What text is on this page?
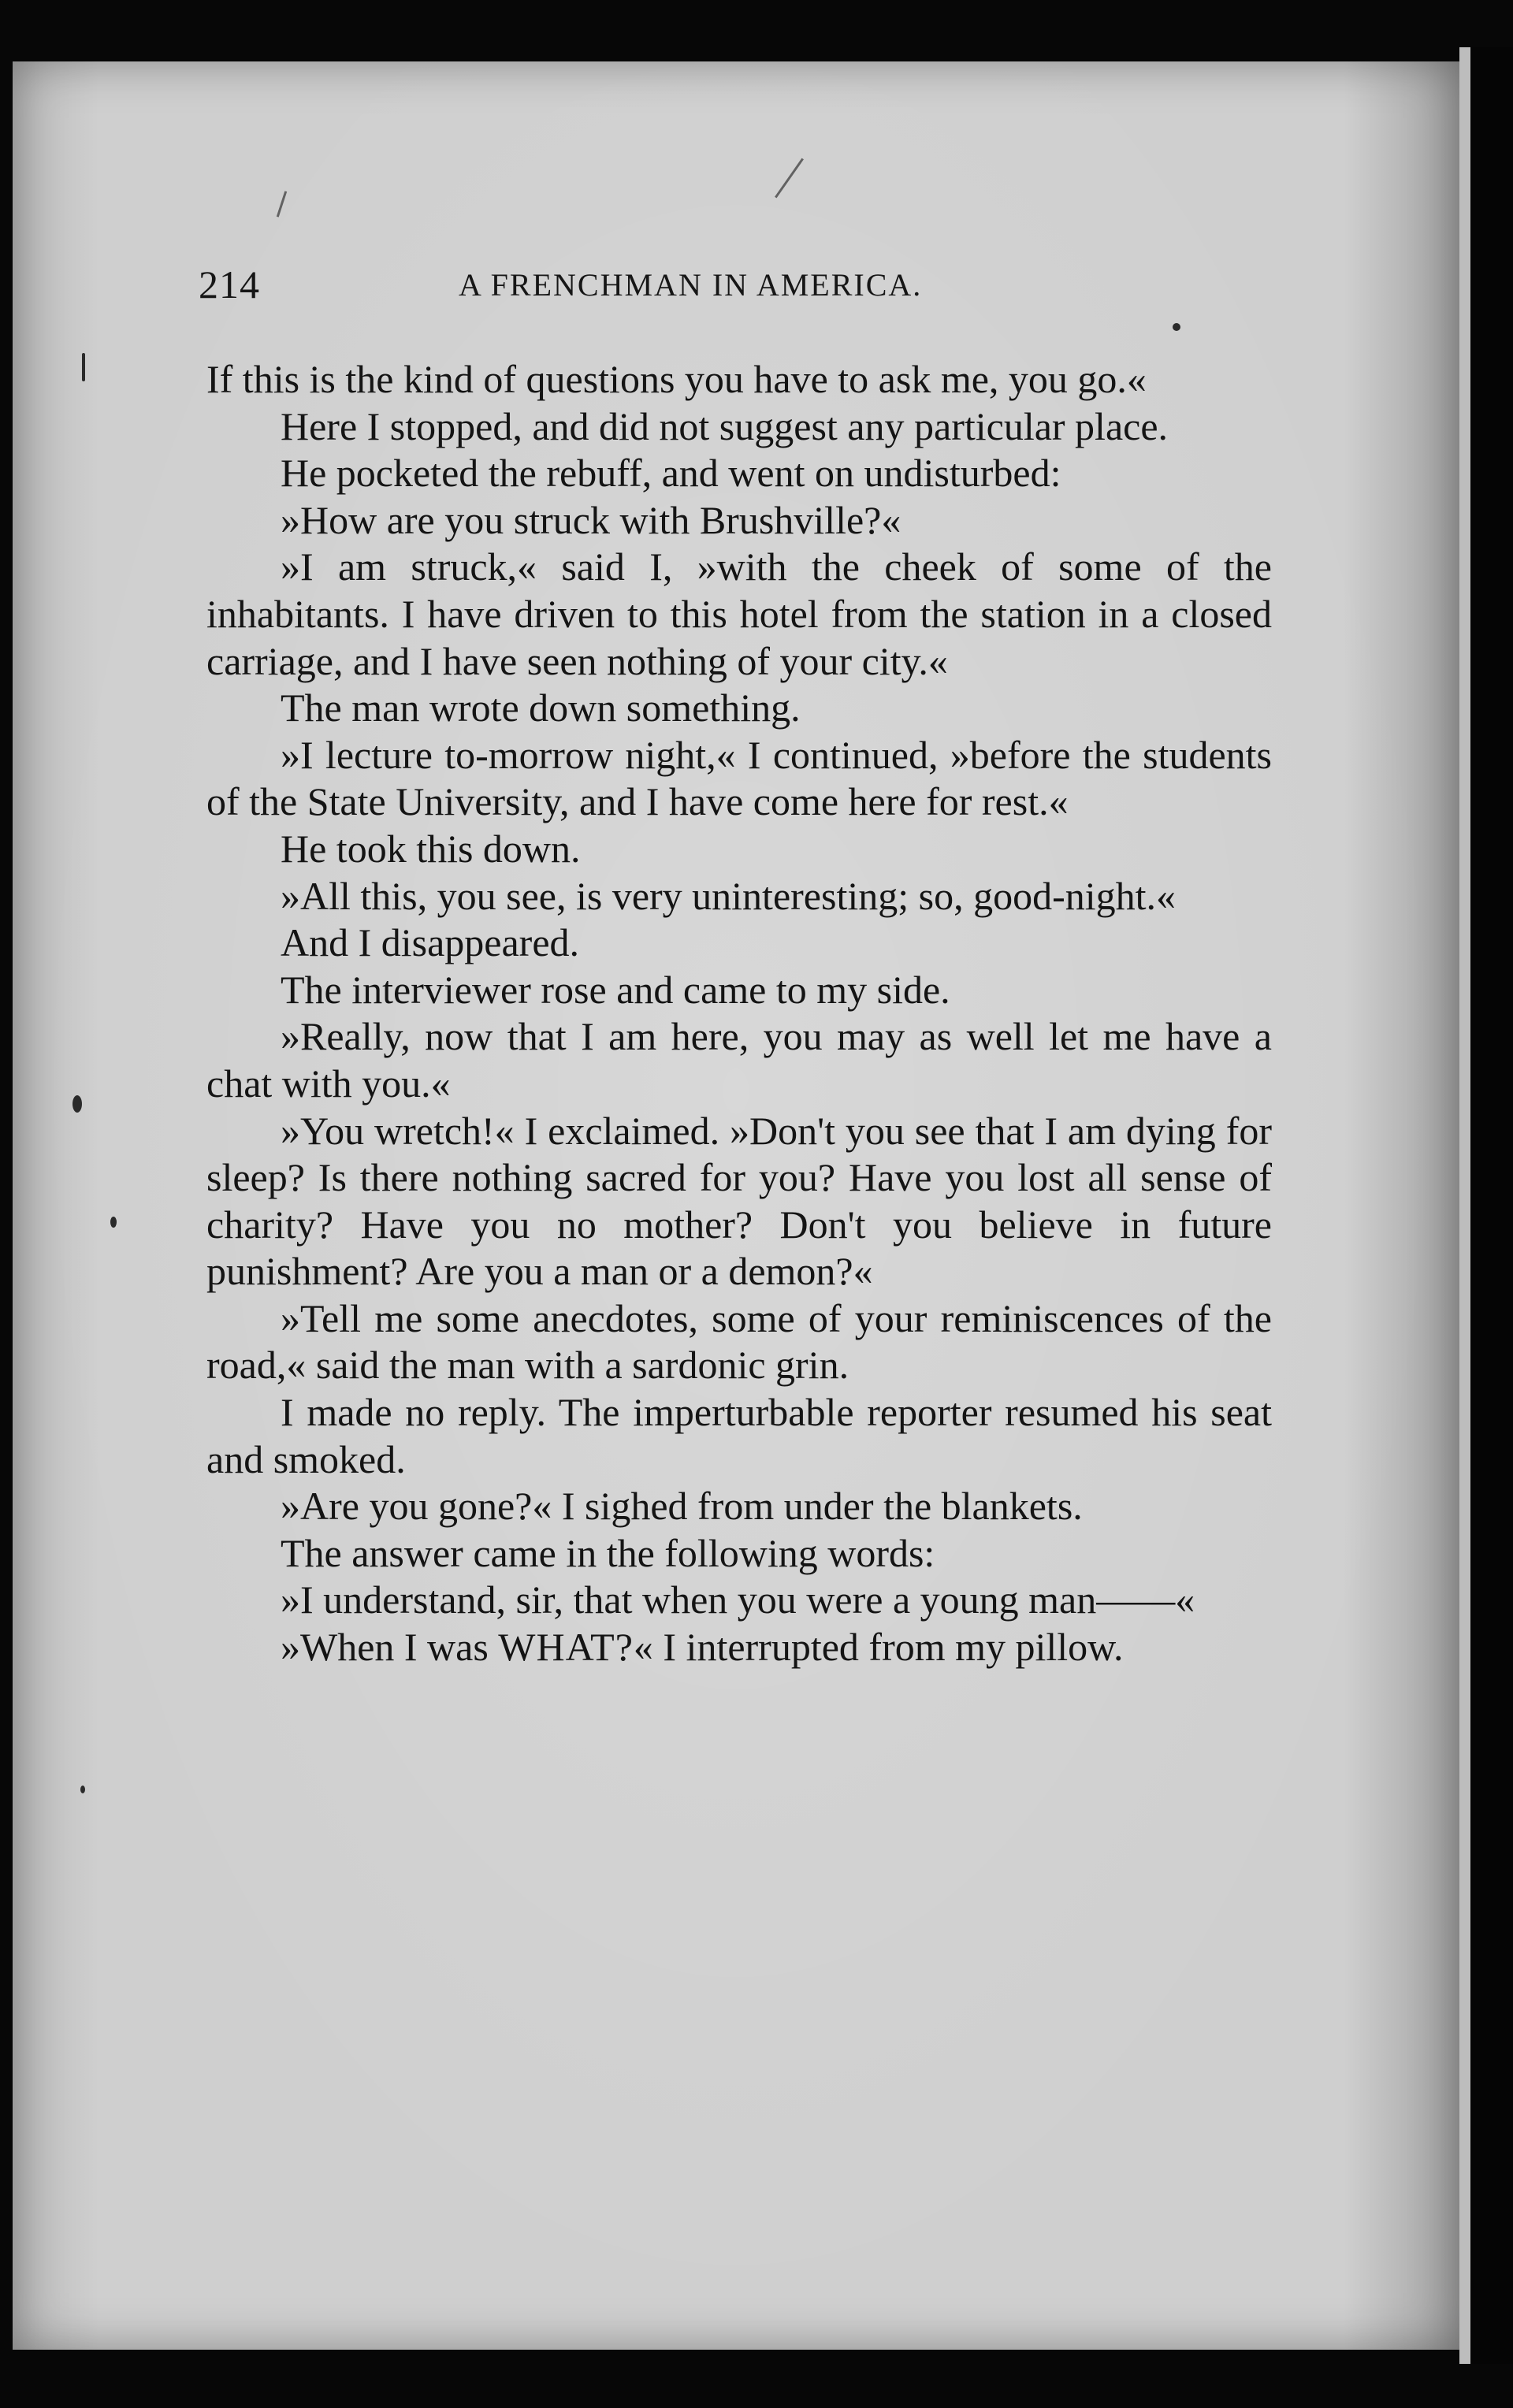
214	A FRENCHMAN IN AMERICA.

If this is the kind of questions you have to ask me, you go.«

Here I stopped, and did not suggest any particular place.

He pocketed the rebuff, and went on undisturbed:

»How are you struck with Brushville?«

»I am struck,« said I, »with the cheek of some of the inhabitants. I have driven to this hotel from the station in a closed carriage, and I have seen nothing of your city.«

The man wrote down something.

»I lecture to-morrow night,« I continued, »before the students of the State University, and I have come here for rest.«

He took this down.

»All this, you see, is very uninteresting; so, good-night.«

And I disappeared.

The interviewer rose and came to my side.

»Really, now that I am here, you may as well let me have a chat with you.«

»You wretch!« I exclaimed. »Don't you see that I am dying for sleep? Is there nothing sacred for you? Have you lost all sense of charity? Have you no mother? Don't you believe in future punishment? Are you a man or a demon?«

»Tell me some anecdotes, some of your reminiscences of the road,« said the man with a sardonic grin.

I made no reply. The imperturbable reporter resumed his seat and smoked.

»Are you gone?« I sighed from under the blankets.

The answer came in the following words:

»I understand, sir, that when you were a young man——«

»When I was WHAT?« I interrupted from my pillow.
